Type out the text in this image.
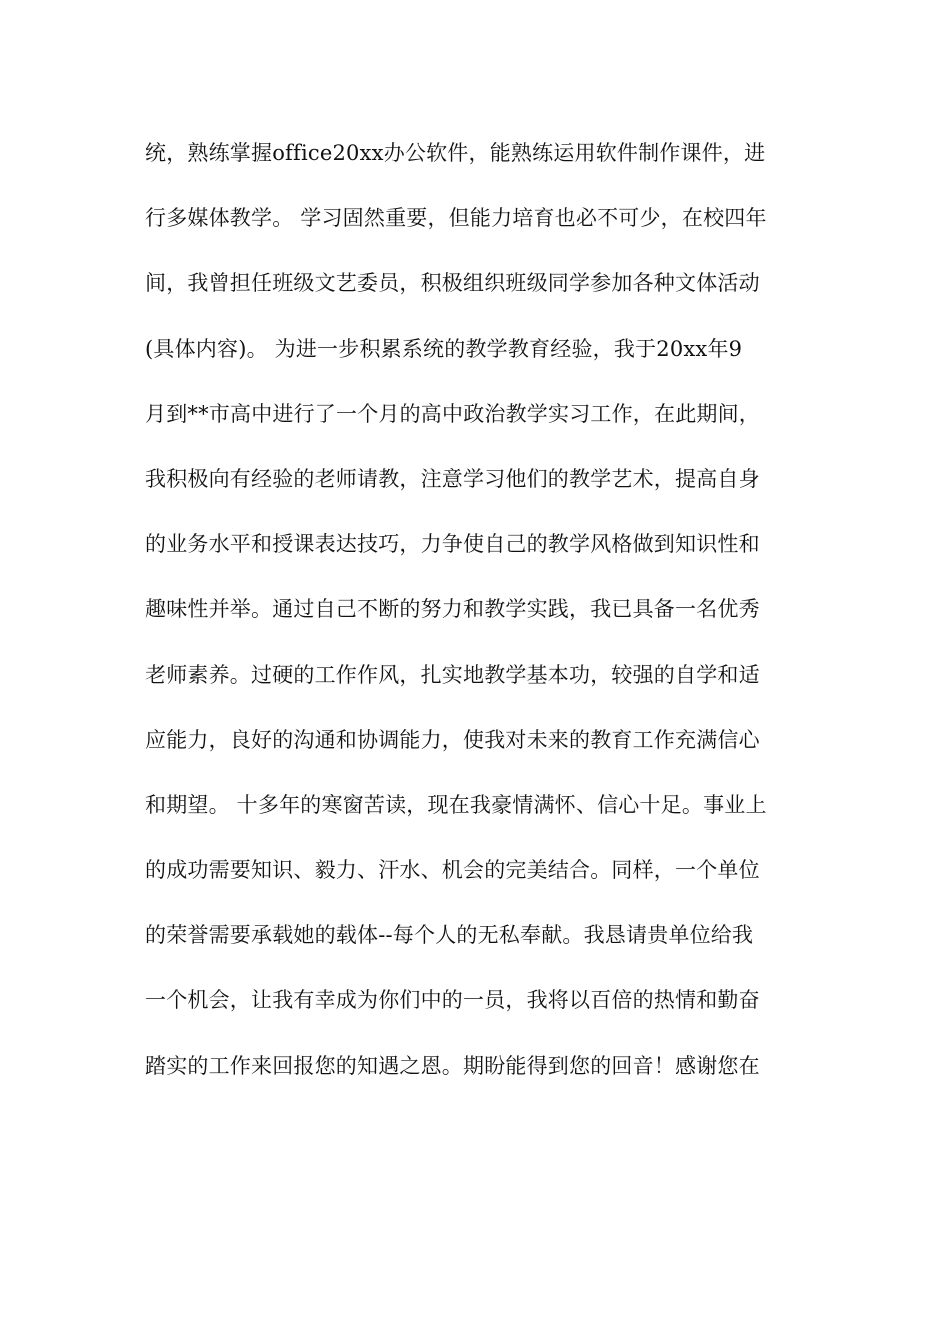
统，熟练掌握office20xx办公软件，能熟练运用软件制作课件，进
行多媒体教学。 学习固然重要，但能力培育也必不可少，在校四年
间，我曾担任班级文艺委员，积极组织班级同学参加各种文体活动
(具体内容)。 为进一步积累系统的教学教育经验，我于20xx年9
月到**市高中进行了一个月的高中政治教学实习工作，在此期间，
我积极向有经验的老师请教，注意学习他们的教学艺术，提高自身
的业务水平和授课表达技巧，力争使自己的教学风格做到知识性和
趣味性并举。通过自己不断的努力和教学实践，我已具备一名优秀
老师素养。过硬的工作作风，扎实地教学基本功，较强的自学和适
应能力，良好的沟通和协调能力，使我对未来的教育工作充满信心
和期望。 十多年的寒窗苦读，现在我豪情满怀、信心十足。事业上
的成功需要知识、毅力、汗水、机会的完美结合。同样，一个单位
的荣誉需要承载她的载体--每个人的无私奉献。我恳请贵单位给我
一个机会，让我有幸成为你们中的一员，我将以百倍的热情和勤奋
踏实的工作来回报您的知遇之恩。期盼能得到您的回音！感谢您在
